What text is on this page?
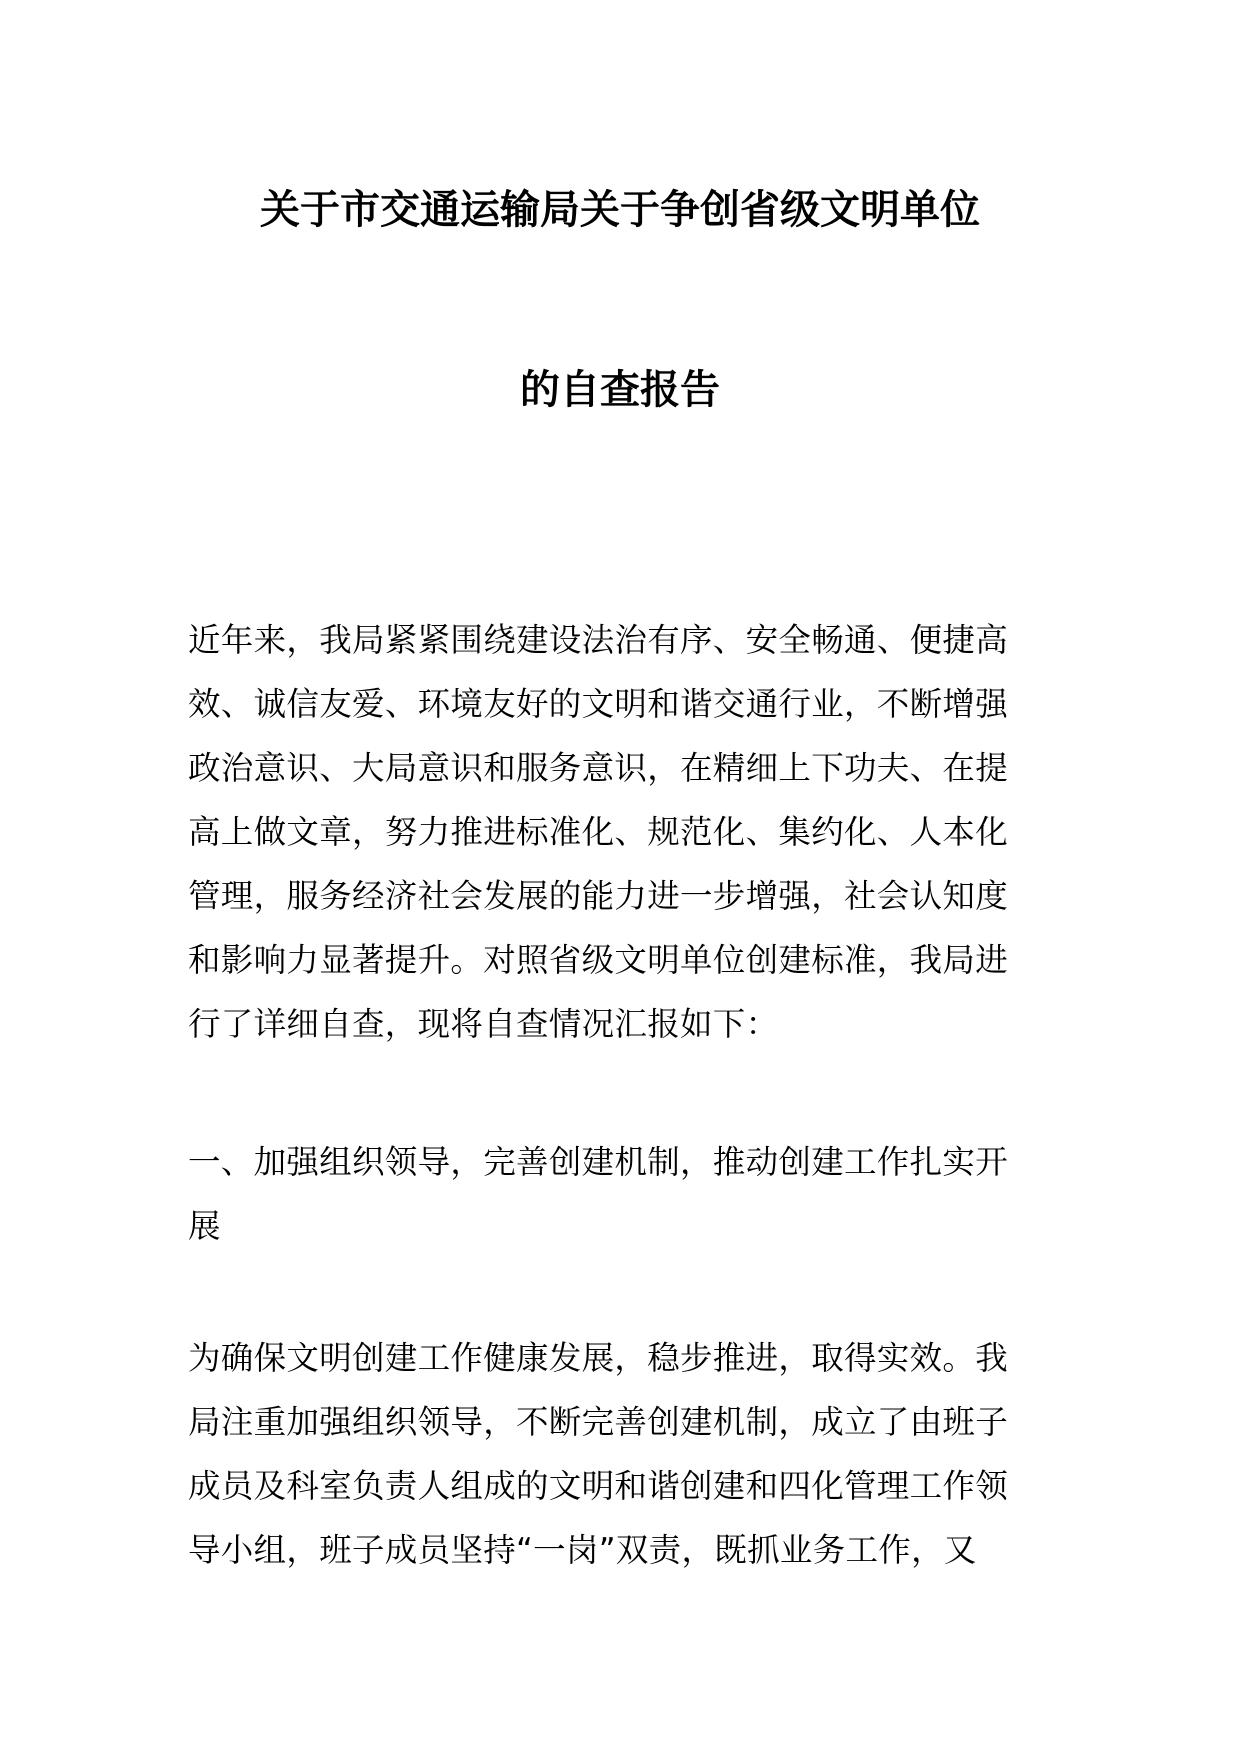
关于市交通运输局关于争创省级文明单位
的自查报告
近年来，我局紧紧围绕建设法治有序、安全畅通、便捷高
效、诚信友爱、环境友好的文明和谐交通行业，不断增强
政治意识、大局意识和服务意识，在精细上下功夫、在提
高上做文章，努力推进标准化、规范化、集约化、人本化
管理，服务经济社会发展的能力进一步增强，社会认知度
和影响力显著提升。对照省级文明单位创建标准，我局进
行了详细自查，现将自查情况汇报如下：
一、加强组织领导，完善创建机制，推动创建工作扎实开
展
为确保文明创建工作健康发展，稳步推进，取得实效。我
局注重加强组织领导，不断完善创建机制，成立了由班子
成员及科室负责人组成的文明和谐创建和四化管理工作领
导小组，班子成员坚持“一岗”双责，既抓业务工作，又
